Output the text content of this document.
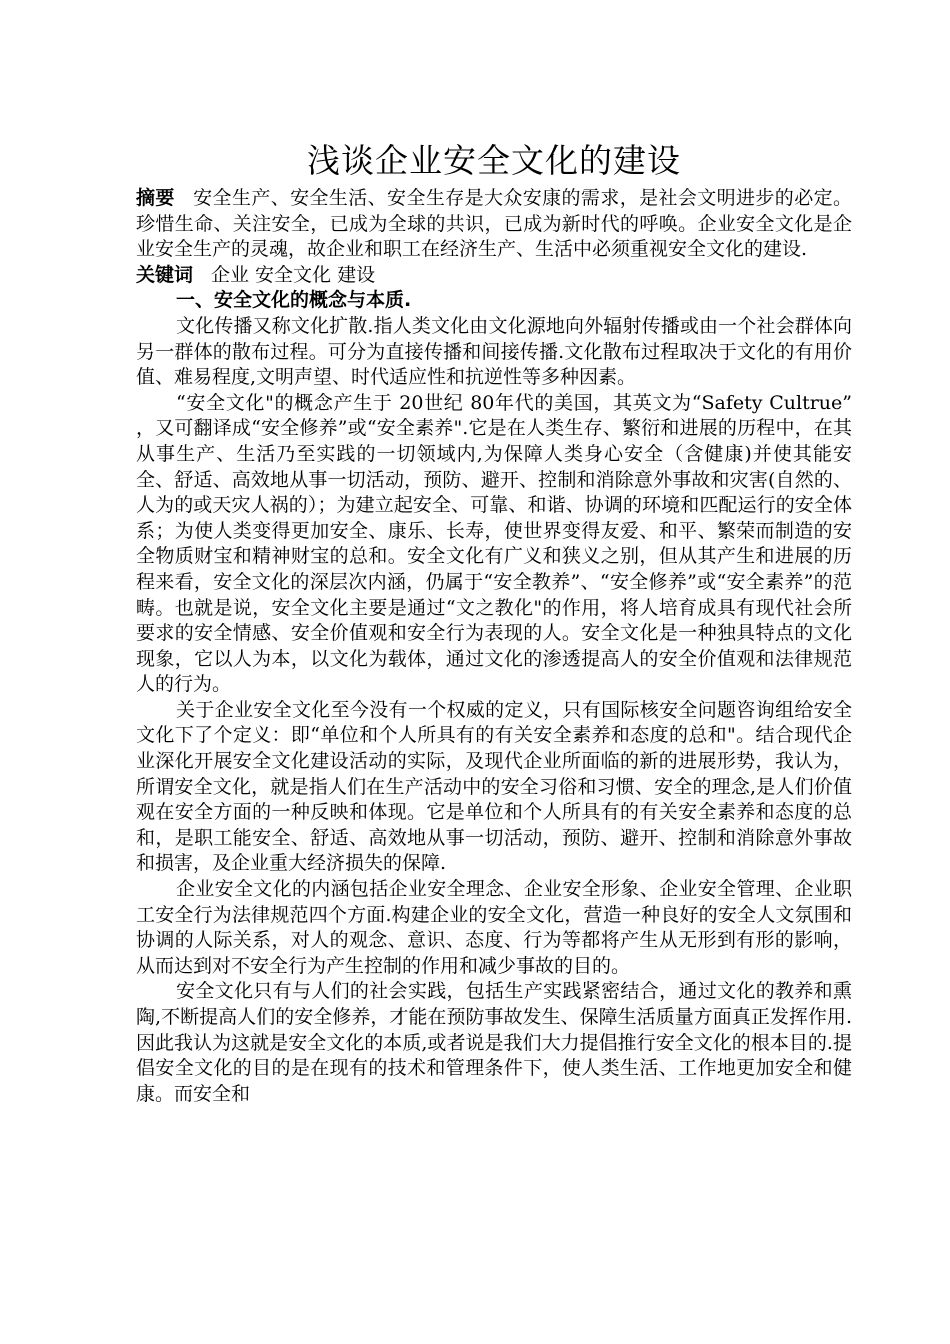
浅谈企业安全文化的建设

摘要 安全生产、安全生活、安全生存是大众安康的需求，是社会文明进步的必定。珍惜生命、关注安全，已成为全球的共识，已成为新时代的呼唤。企业安全文化是企业安全生产的灵魂，故企业和职工在经济生产、生活中必须重视安全文化的建设.

关键词 企业 安全文化 建设

一、安全文化的概念与本质.

文化传播又称文化扩散.指人类文化由文化源地向外辐射传播或由一个社会群体向另一群体的散布过程。可分为直接传播和间接传播.文化散布过程取决于文化的有用价值、难易程度,文明声望、时代适应性和抗逆性等多种因素。

“安全文化"的概念产生于 20世纪 80年代的美国，其英文为“Safety Cultrue” ，又可翻译成“安全修养”或“安全素养".它是在人类生存、繁衍和进展的历程中，在其从事生产、生活乃至实践的一切领域内,为保障人类身心安全（含健康)并使其能安全、舒适、高效地从事一切活动，预防、避开、控制和消除意外事故和灾害(自然的、人为的或天灾人祸的）；为建立起安全、可靠、和谐、协调的环境和匹配运行的安全体系；为使人类变得更加安全、康乐、长寿，使世界变得友爱、和平、繁荣而制造的安全物质财宝和精神财宝的总和。安全文化有广义和狭义之别，但从其产生和进展的历程来看，安全文化的深层次内涵，仍属于“安全教养”、“安全修养”或“安全素养”的范畴。也就是说，安全文化主要是通过“文之教化"的作用，将人培育成具有现代社会所要求的安全情感、安全价值观和安全行为表现的人。安全文化是一种独具特点的文化现象，它以人为本，以文化为载体，通过文化的渗透提高人的安全价值观和法律规范人的行为。

关于企业安全文化至今没有一个权威的定义，只有国际核安全问题咨询组给安全文化下了个定义：即“单位和个人所具有的有关安全素养和态度的总和"。结合现代企业深化开展安全文化建设活动的实际，及现代企业所面临的新的进展形势，我认为，所谓安全文化，就是指人们在生产活动中的安全习俗和习惯、安全的理念,是人们价值观在安全方面的一种反映和体现。它是单位和个人所具有的有关安全素养和态度的总和，是职工能安全、舒适、高效地从事一切活动，预防、避开、控制和消除意外事故和损害，及企业重大经济损失的保障.

企业安全文化的内涵包括企业安全理念、企业安全形象、企业安全管理、企业职工安全行为法律规范四个方面.构建企业的安全文化，营造一种良好的安全人文氛围和协调的人际关系，对人的观念、意识、态度、行为等都将产生从无形到有形的影响，从而达到对不安全行为产生控制的作用和减少事故的目的。

安全文化只有与人们的社会实践，包括生产实践紧密结合，通过文化的教养和熏陶,不断提高人们的安全修养，才能在预防事故发生、保障生活质量方面真正发挥作用.因此我认为这就是安全文化的本质,或者说是我们大力提倡推行安全文化的根本目的.提倡安全文化的目的是在现有的技术和管理条件下，使人类生活、工作地更加安全和健康。而安全和
